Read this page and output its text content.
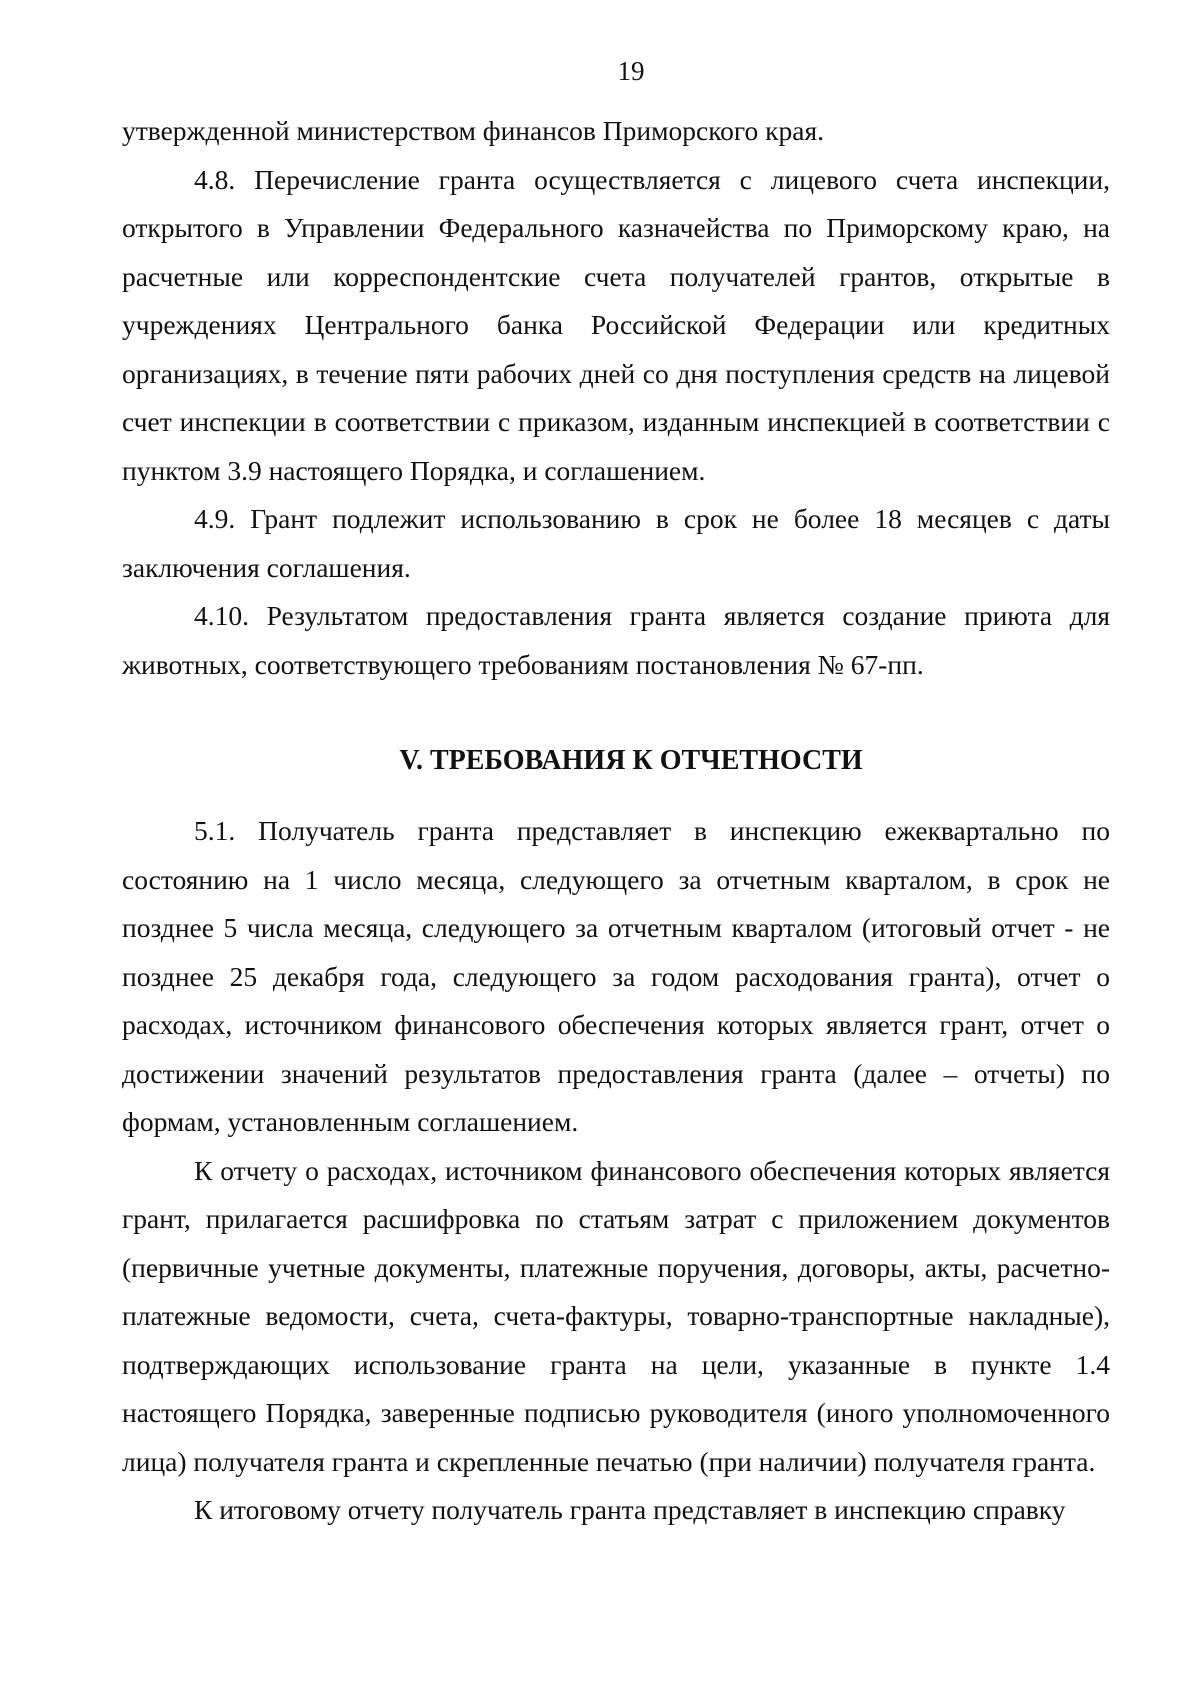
19

утвержденной министерством финансов Приморского края.

4.8. Перечисление гранта осуществляется с лицевого счета инспекции, открытого в Управлении Федерального казначейства по Приморскому краю, на расчетные или корреспондентские счета получателей грантов, открытые в учреждениях Центрального банка Российской Федерации или кредитных организациях, в течение пяти рабочих дней со дня поступления средств на лицевой счет инспекции в соответствии с приказом, изданным инспекцией в соответствии с пунктом 3.9 настоящего Порядка, и соглашением.

4.9. Грант подлежит использованию в срок не более 18 месяцев с даты заключения соглашения.

4.10. Результатом предоставления гранта является создание приюта для животных, соответствующего требованиям постановления № 67-пп.

V. ТРЕБОВАНИЯ К ОТЧЕТНОСТИ

5.1. Получатель гранта представляет в инспекцию ежеквартально по состоянию на 1 число месяца, следующего за отчетным кварталом, в срок не позднее 5 числа месяца, следующего за отчетным кварталом (итоговый отчет - не позднее 25 декабря года, следующего за годом расходования гранта), отчет о расходах, источником финансового обеспечения которых является грант, отчет о достижении значений результатов предоставления гранта (далее – отчеты) по формам, установленным соглашением.

К отчету о расходах, источником финансового обеспечения которых является грант, прилагается расшифровка по статьям затрат с приложением документов (первичные учетные документы, платежные поручения, договоры, акты, расчетно-платежные ведомости, счета, счета-фактуры, товарно-транспортные накладные), подтверждающих использование гранта на цели, указанные в пункте 1.4 настоящего Порядка, заверенные подписью руководителя (иного уполномоченного лица) получателя гранта и скрепленные печатью (при наличии) получателя гранта.

К итоговому отчету получатель гранта представляет в инспекцию справку
